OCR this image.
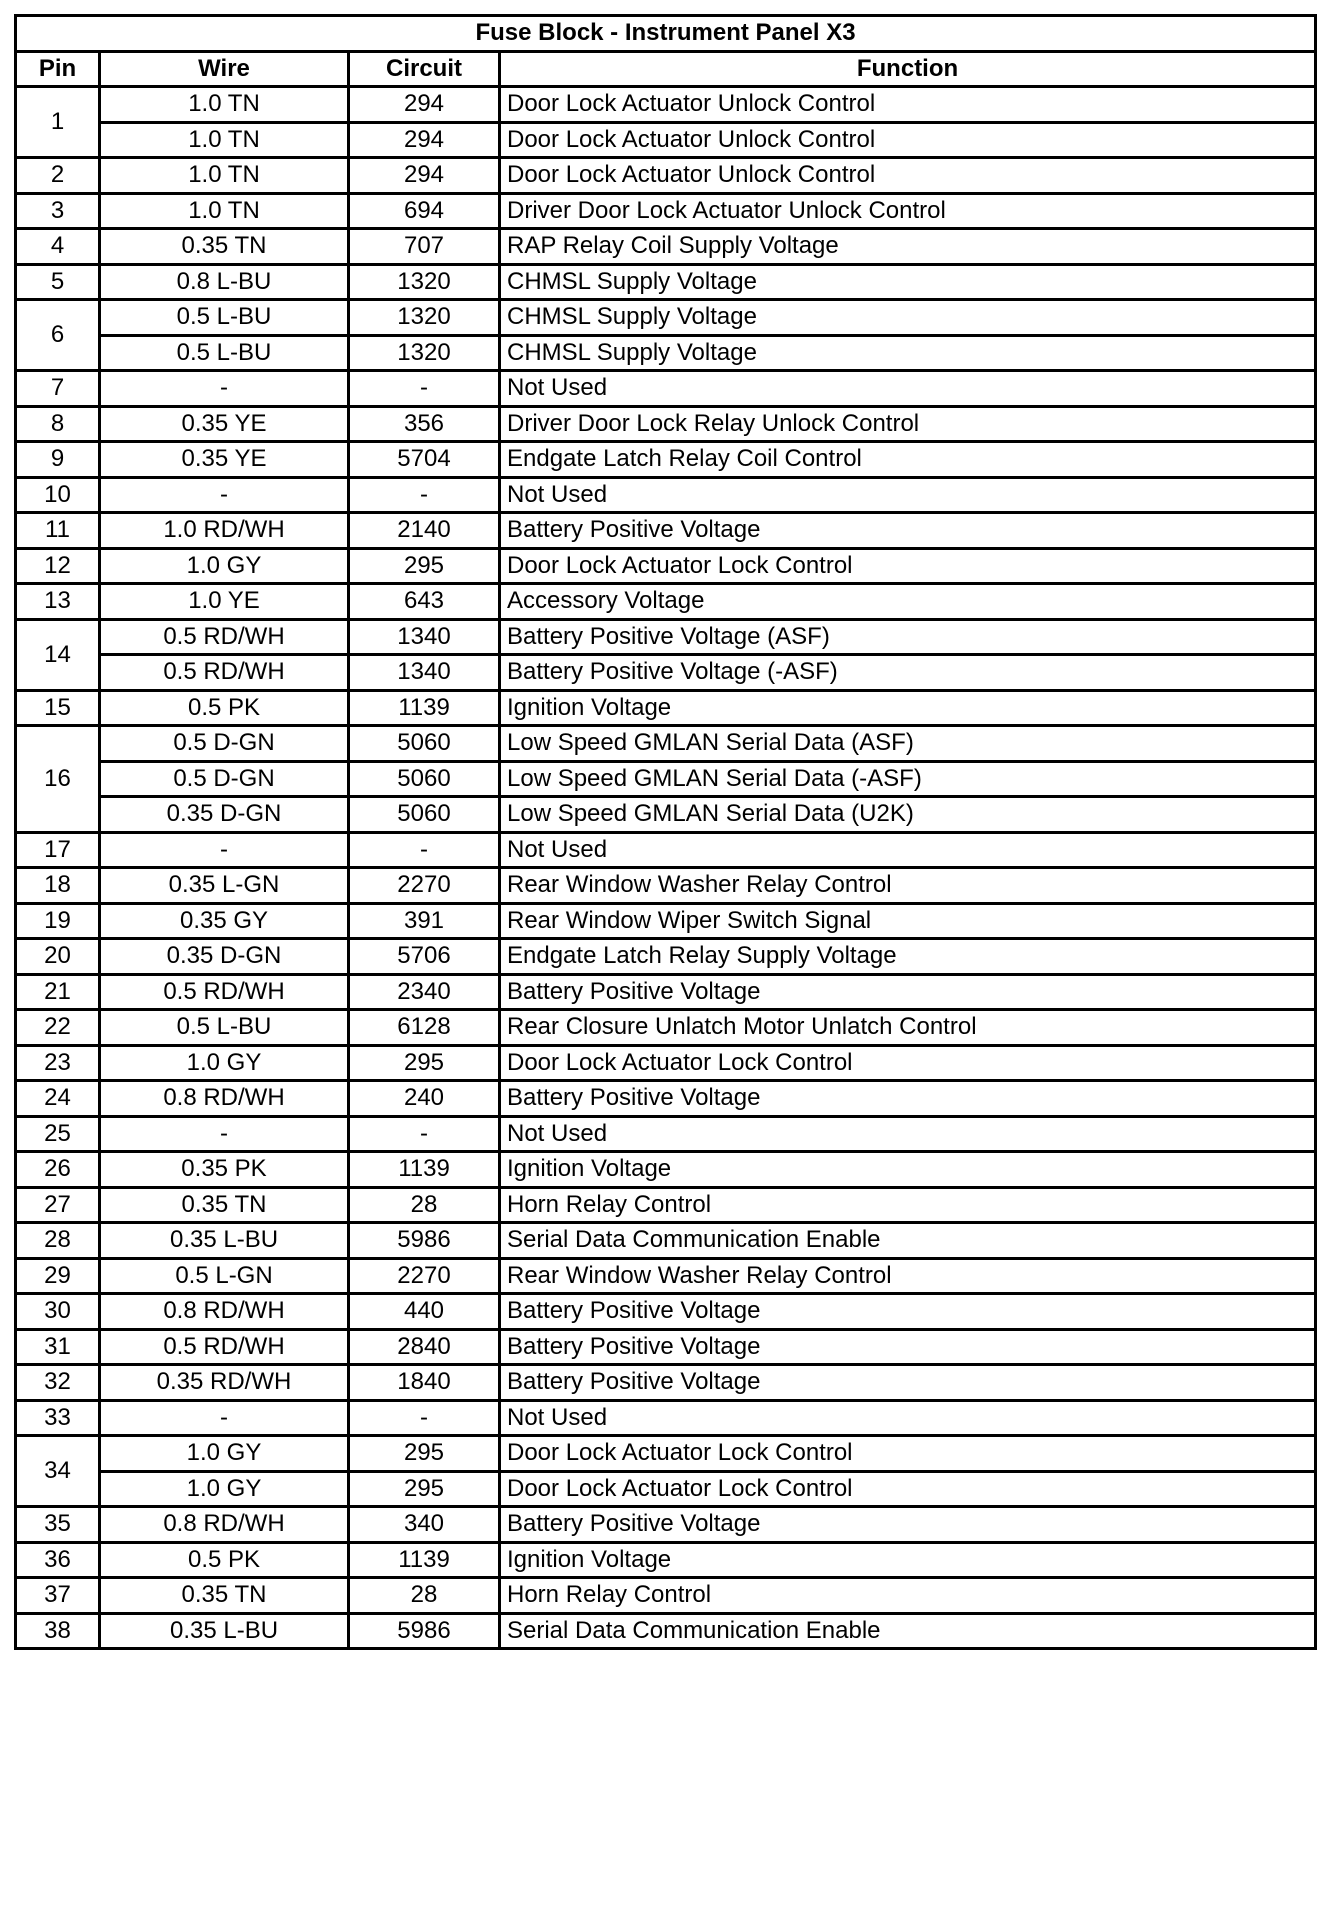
Fuse Block - Instrument Panel X3			
Pin	Wire	Circuit	Function
1	1.0 TN	294	Door Lock Actuator Unlock Control
	1.0 TN	294	Door Lock Actuator Unlock Control
2	1.0 TN	294	Door Lock Actuator Unlock Control
3	1.0 TN	694	Driver Door Lock Actuator Unlock Control
4	0.35 TN	707	RAP Relay Coil Supply Voltage
5	0.8 L-BU	1320	CHMSL Supply Voltage
6	0.5 L-BU	1320	CHMSL Supply Voltage
	0.5 L-BU	1320	CHMSL Supply Voltage
7	-	-	Not Used
8	0.35 YE	356	Driver Door Lock Relay Unlock Control
9	0.35 YE	5704	Endgate Latch Relay Coil Control
10	-	-	Not Used
11	1.0 RD/WH	2140	Battery Positive Voltage
12	1.0 GY	295	Door Lock Actuator Lock Control
13	1.0 YE	643	Accessory Voltage
14	0.5 RD/WH	1340	Battery Positive Voltage (ASF)
	0.5 RD/WH	1340	Battery Positive Voltage (-ASF)
15	0.5 PK	1139	Ignition Voltage
16	0.5 D-GN	5060	Low Speed GMLAN Serial Data (ASF)
	0.5 D-GN	5060	Low Speed GMLAN Serial Data (-ASF)
	0.35 D-GN	5060	Low Speed GMLAN Serial Data (U2K)
17	-	-	Not Used
18	0.35 L-GN	2270	Rear Window Washer Relay Control
19	0.35 GY	391	Rear Window Wiper Switch Signal
20	0.35 D-GN	5706	Endgate Latch Relay Supply Voltage
21	0.5 RD/WH	2340	Battery Positive Voltage
22	0.5 L-BU	6128	Rear Closure Unlatch Motor Unlatch Control
23	1.0 GY	295	Door Lock Actuator Lock Control
24	0.8 RD/WH	240	Battery Positive Voltage
25	-	-	Not Used
26	0.35 PK	1139	Ignition Voltage
27	0.35 TN	28	Horn Relay Control
28	0.35 L-BU	5986	Serial Data Communication Enable
29	0.5 L-GN	2270	Rear Window Washer Relay Control
30	0.8 RD/WH	440	Battery Positive Voltage
31	0.5 RD/WH	2840	Battery Positive Voltage
32	0.35 RD/WH	1840	Battery Positive Voltage
33	-	-	Not Used
34	1.0 GY	295	Door Lock Actuator Lock Control
	1.0 GY	295	Door Lock Actuator Lock Control
35	0.8 RD/WH	340	Battery Positive Voltage
36	0.5 PK	1139	Ignition Voltage
37	0.35 TN	28	Horn Relay Control
38	0.35 L-BU	5986	Serial Data Communication Enable
